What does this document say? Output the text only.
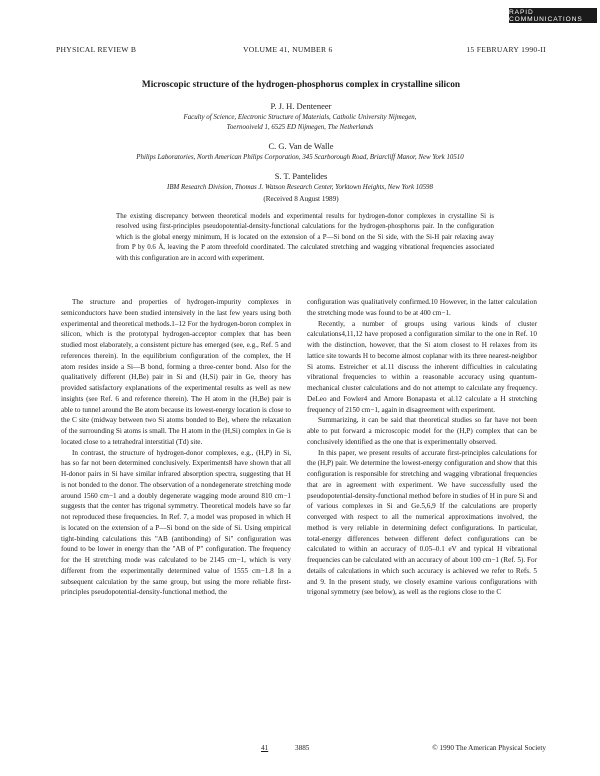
RAPID COMMUNICATIONS
PHYSICAL REVIEW B	VOLUME 41, NUMBER 6	15 FEBRUARY 1990-II
Microscopic structure of the hydrogen-phosphorus complex in crystalline silicon
P. J. H. Denteneer
Faculty of Science, Electronic Structure of Materials, Catholic University Nijmegen,
Toernooiveld 1, 6525 ED Nijmegen, The Netherlands
C. G. Van de Walle
Philips Laboratories, North American Philips Corporation, 345 Scarborough Road, Briarcliff Manor, New York 10510
S. T. Pantelides
IBM Research Division, Thomas J. Watson Research Center, Yorktown Heights, New York 10598
(Received 8 August 1989)
The existing discrepancy between theoretical models and experimental results for hydrogen-donor complexes in crystalline Si is resolved using first-principles pseudopotential-density-functional calculations for the hydrogen-phosphorus pair. In the configuration which is the global energy minimum, H is located on the extension of a P—Si bond on the Si side, with the Si-H pair relaxing away from P by 0.6 Å, leaving the P atom threefold coordinated. The calculated stretching and wagging vibrational frequencies associated with this configuration are in accord with experiment.

The structure and properties of hydrogen-impurity complexes in semiconductors have been studied intensively in the last few years using both experimental and theoretical methods.1–12 For the hydrogen-boron complex in silicon, which is the prototypal hydrogen-acceptor complex that has been studied most elaborately, a consistent picture has emerged (see, e.g., Ref. 5 and references therein). In the equilibrium configuration of the complex, the H atom resides inside a Si—B bond, forming a three-center bond. Also for the qualitatively different (H,Be) pair in Si and (H,Si) pair in Ge, theory has provided satisfactory explanations of the experimental results as well as new insights (see Ref. 6 and reference therein). The H atom in the (H,Be) pair is able to tunnel around the Be atom because its lowest-energy location is close to the C site (midway between two Si atoms bonded to Be), where the relaxation of the surrounding Si atoms is small. The H atom in the (H,Si) complex in Ge is located close to a tetrahedral interstitial (Td) site.

In contrast, the structure of hydrogen-donor complexes, e.g., (H,P) in Si, has so far not been determined conclusively. Experiments8 have shown that all H-donor pairs in Si have similar infrared absorption spectra, suggesting that H is not bonded to the donor. The observation of a nondegenerate stretching mode around 1560 cm−1 and a doubly degenerate wagging mode around 810 cm−1 suggests that the center has trigonal symmetry. Theoretical models have so far not reproduced these frequencies. In Ref. 7, a model was proposed in which H is located on the extension of a P—Si bond on the side of Si. Using empirical tight-binding calculations this "AB (antibonding) of Si" configuration was found to be lower in energy than the "AB of P" configuration. The frequency for the H stretching mode was calculated to be 2145 cm−1, which is very different from the experimentally determined value of 1555 cm−1.8 In a subsequent calculation by the same group, but using the more reliable first-principles pseudopotential-density-functional method, the

configuration was qualitatively confirmed.10 However, in the latter calculation the stretching mode was found to be at 400 cm−1.

Recently, a number of groups using various kinds of cluster calculations4,11,12 have proposed a configuration similar to the one in Ref. 10 with the distinction, however, that the Si atom closest to H relaxes from its lattice site towards H to become almost coplanar with its three nearest-neighbor Si atoms. Estreicher et al.11 discuss the inherent difficulties in calculating vibrational frequencies to within a reasonable accuracy using quantum-mechanical cluster calculations and do not attempt to calculate any frequency. DeLeo and Fowler4 and Amore Bonapasta et al.12 calculate a H stretching frequency of 2150 cm−1, again in disagreement with experiment.

Summarizing, it can be said that theoretical studies so far have not been able to put forward a microscopic model for the (H,P) complex that can be conclusively identified as the one that is experimentally observed.

In this paper, we present results of accurate first-principles calculations for the (H,P) pair. We determine the lowest-energy configuration and show that this configuration is responsible for stretching and wagging vibrational frequencies that are in agreement with experiment. We have successfully used the pseudopotential-density-functional method before in studies of H in pure Si and of various complexes in Si and Ge.5,6,9 If the calculations are properly converged with respect to all the numerical approximations involved, the method is very reliable in determining defect configurations. In particular, total-energy differences between different defect configurations can be calculated to within an accuracy of 0.05–0.1 eV and typical H vibrational frequencies can be calculated with an accuracy of about 100 cm−1 (Ref. 5). For details of calculations in which such accuracy is achieved we refer to Refs. 5 and 9. In the present study, we closely examine various configurations with trigonal symmetry (see below), as well as the regions close to the C

41	3885	© 1990 The American Physical Society
